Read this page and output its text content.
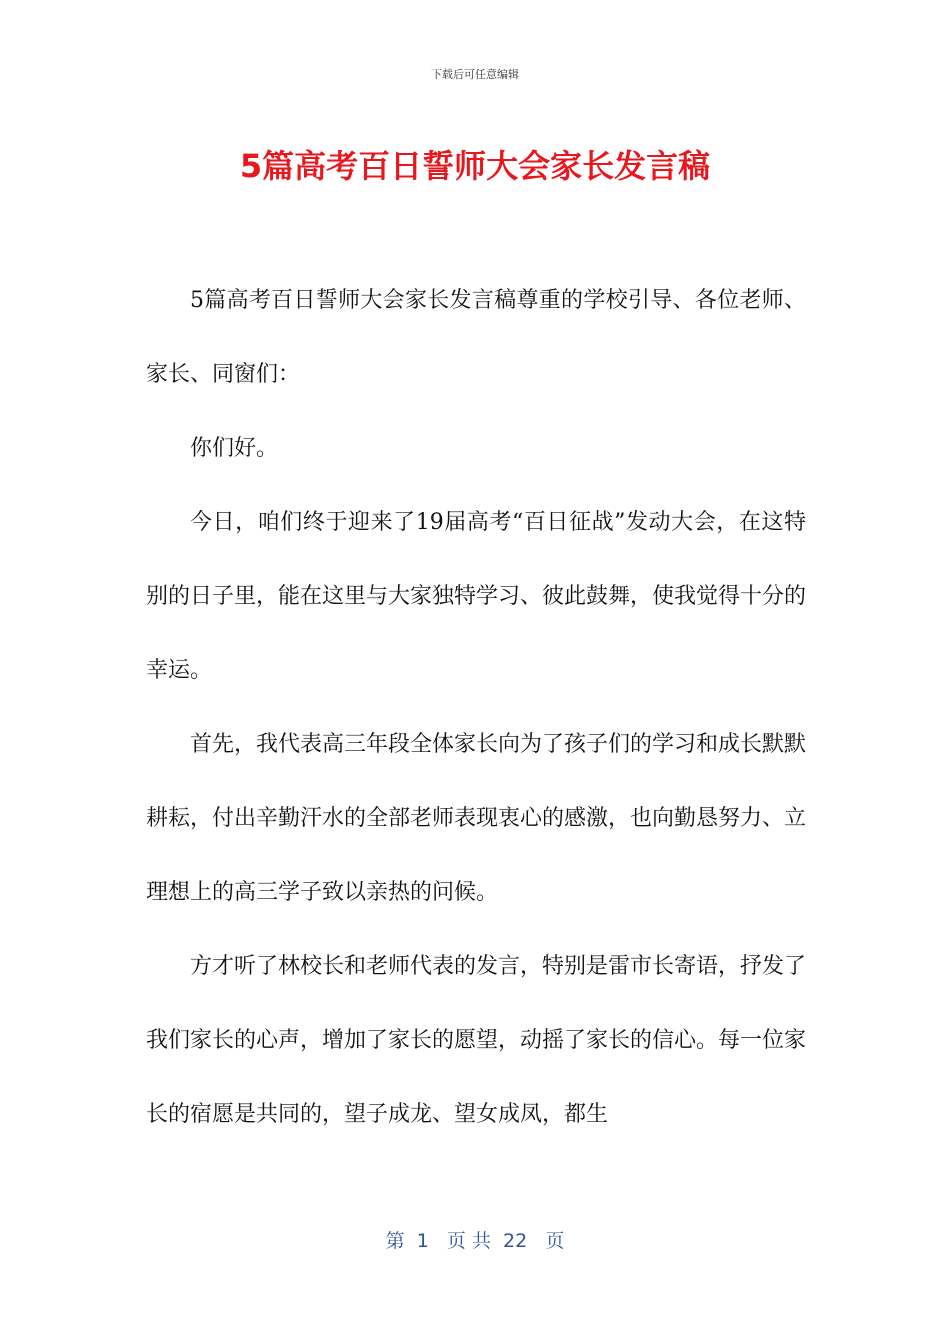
下载后可任意编辑
5篇高考百日誓师大会家长发言稿

5篇高考百日誓师大会家长发言稿尊重的学校引导、各位老师、家长、同窗们：

你们好。

今日，咱们终于迎来了19届高考“百日征战”发动大会，在这特别的日子里，能在这里与大家独特学习、彼此鼓舞，使我觉得十分的幸运。

首先，我代表高三年段全体家长向为了孩子们的学习和成长默默耕耘，付出辛勤汗水的全部老师表现衷心的感激，也向勤恳努力、立理想上的高三学子致以亲热的问候。

方才听了林校长和老师代表的发言，特别是雷市长寄语，抒发了我们家长的心声，增加了家长的愿望，动摇了家长的信心。每一位家长的宿愿是共同的，望子成龙、望女成凤，都生

第  1   页 共  22   页
